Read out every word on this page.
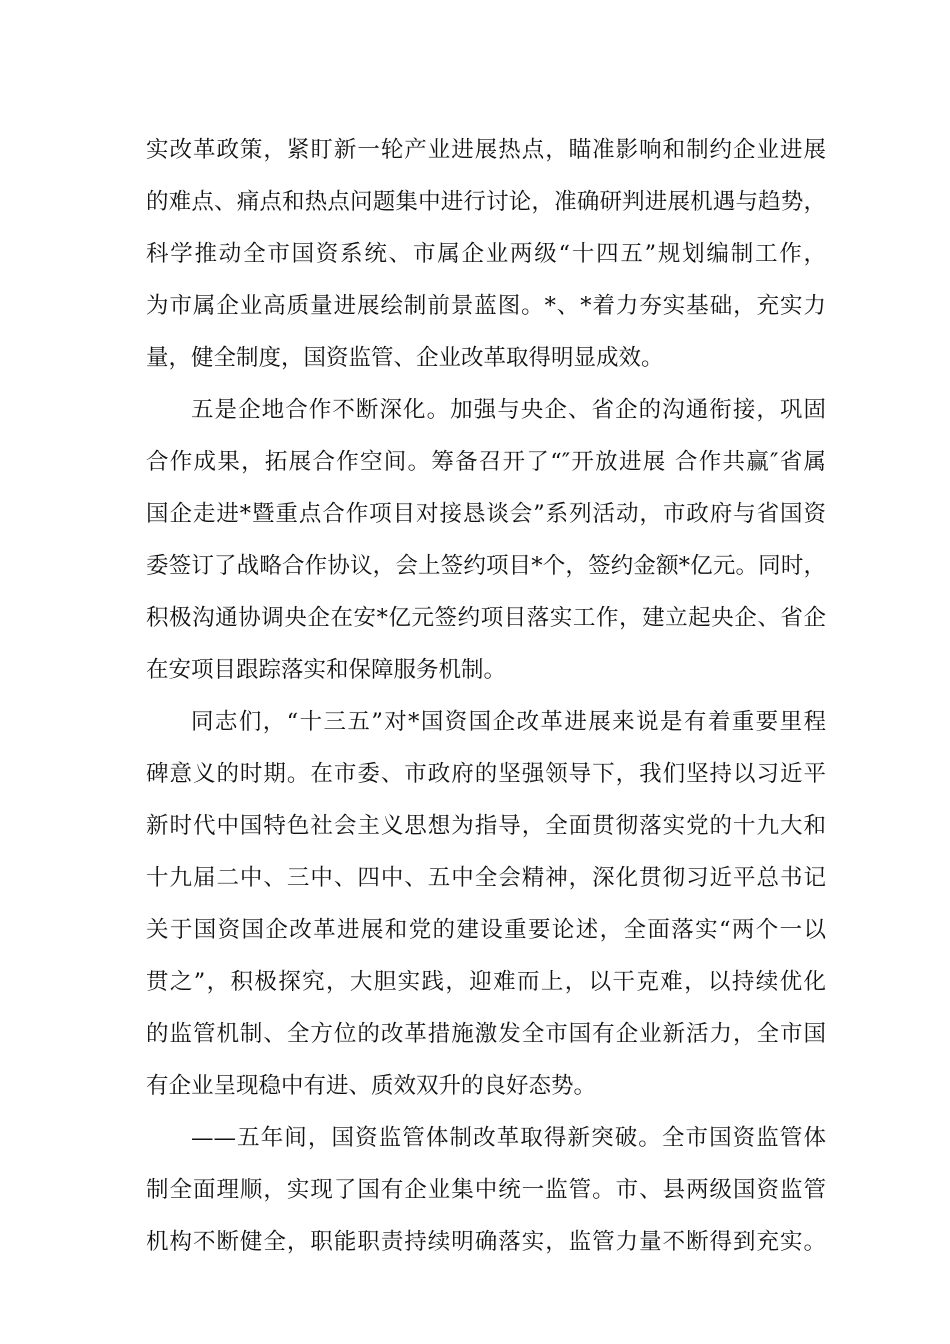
实改革政策，紧盯新一轮产业进展热点，瞄准影响和制约企业进展
的难点、痛点和热点问题集中进行讨论，准确研判进展机遇与趋势，
科学推动全市国资系统、市属企业两级“十四五”规划编制工作，
为市属企业高质量进展绘制前景蓝图。*、*着力夯实基础，充实力
量，健全制度，国资监管、企业改革取得明显成效。
五是企地合作不断深化。加强与央企、省企的沟通衔接，巩固
合作成果，拓展合作空间。筹备召开了“″开放进展 合作共赢″省属
国企走进*暨重点合作项目对接恳谈会”系列活动，市政府与省国资
委签订了战略合作协议，会上签约项目*个，签约金额*亿元。同时，
积极沟通协调央企在安*亿元签约项目落实工作，建立起央企、省企
在安项目跟踪落实和保障服务机制。
同志们，“十三五”对*国资国企改革进展来说是有着重要里程
碑意义的时期。在市委、市政府的坚强领导下，我们坚持以习近平
新时代中国特色社会主义思想为指导，全面贯彻落实党的十九大和
十九届二中、三中、四中、五中全会精神，深化贯彻习近平总书记
关于国资国企改革进展和党的建设重要论述，全面落实“两个一以
贯之”，积极探究，大胆实践，迎难而上，以干克难，以持续优化
的监管机制、全方位的改革措施激发全市国有企业新活力，全市国
有企业呈现稳中有进、质效双升的良好态势。
——五年间，国资监管体制改革取得新突破。全市国资监管体
制全面理顺，实现了国有企业集中统一监管。市、县两级国资监管
机构不断健全，职能职责持续明确落实，监管力量不断得到充实。
